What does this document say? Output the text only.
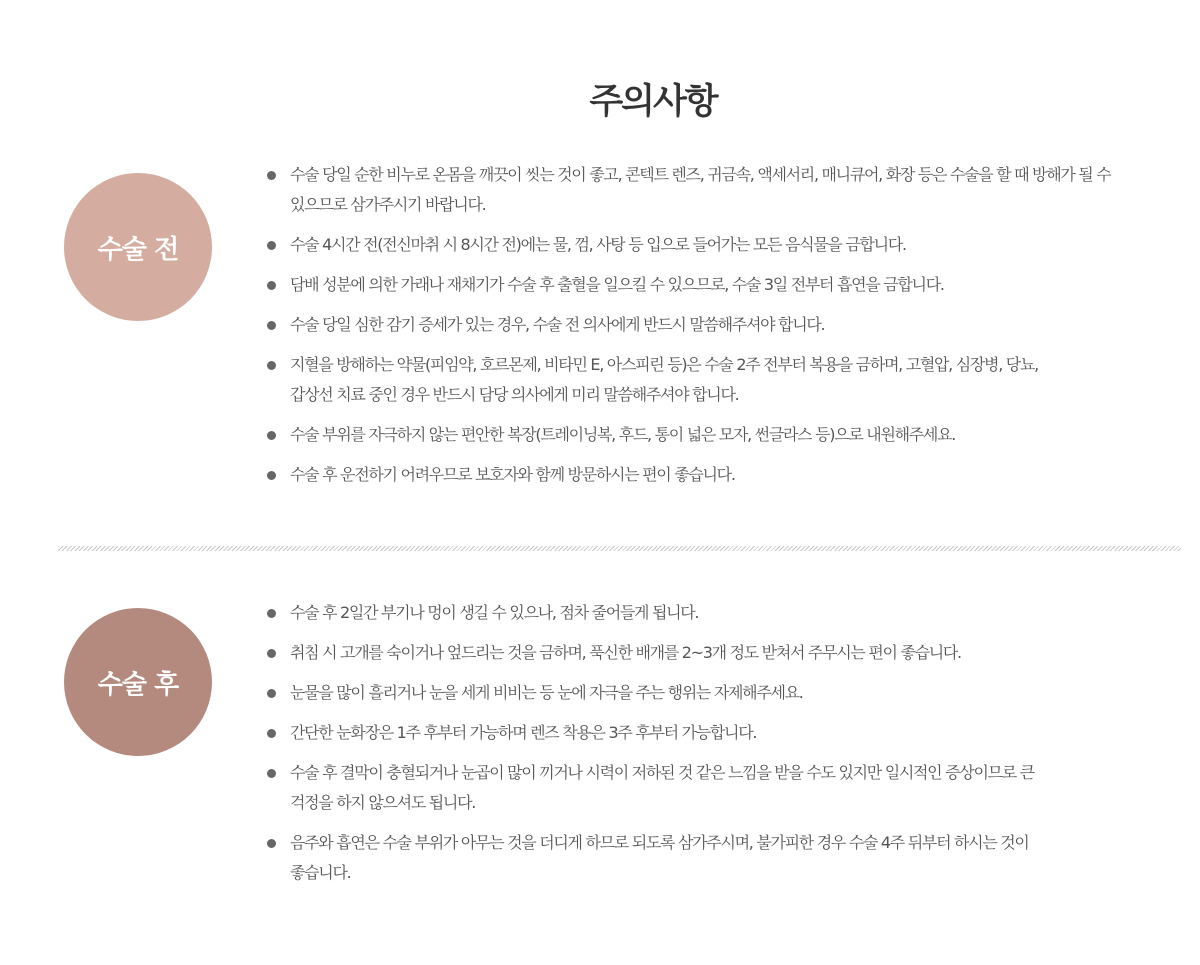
주의사항
수술 전
수술 당일 순한 비누로 온몸을 깨끗이 씻는 것이 좋고, 콘텍트 렌즈, 귀금속, 액세서리, 매니큐어, 화장 등은 수술을 할 때 방해가 될 수
있으므로 삼가주시기 바랍니다.
수술 4시간 전(전신마취 시 8시간 전)에는 물, 껌, 사탕 등 입으로 들어가는 모든 음식물을 금합니다.
담배 성분에 의한 가래나 재채기가 수술 후 출혈을 일으킬 수 있으므로, 수술 3일 전부터 흡연을 금합니다.
수술 당일 심한 감기 증세가 있는 경우, 수술 전 의사에게 반드시 말씀해주셔야 합니다.
지혈을 방해하는 약물(피임약, 호르몬제, 비타민 E, 아스피린 등)은 수술 2주 전부터 복용을 금하며, 고혈압, 심장병, 당뇨,
갑상선 치료 중인 경우 반드시 담당 의사에게 미리 말씀해주셔야 합니다.
수술 부위를 자극하지 않는 편안한 복장(트레이닝복, 후드, 통이 넓은 모자, 썬글라스 등)으로 내원해주세요.
수술 후 운전하기 어려우므로 보호자와 함께 방문하시는 편이 좋습니다.
수술 후
수술 후 2일간 부기나 멍이 생길 수 있으나, 점차 줄어들게 됩니다.
취침 시 고개를 숙이거나 엎드리는 것을 금하며, 푹신한 배개를 2~3개 정도 받쳐서 주무시는 편이 좋습니다.
눈물을 많이 흘리거나 눈을 세게 비비는 등 눈에 자극을 주는 행위는 자제해주세요.
간단한 눈화장은 1주 후부터 가능하며 렌즈 착용은 3주 후부터 가능합니다.
수술 후 결막이 충혈되거나 눈곱이 많이 끼거나 시력이 저하된 것 같은 느낌을 받을 수도 있지만 일시적인 증상이므로 큰
걱정을 하지 않으셔도 됩니다.
음주와 흡연은 수술 부위가 아무는 것을 더디게 하므로 되도록 삼가주시며, 불가피한 경우 수술 4주 뒤부터 하시는 것이
좋습니다.
